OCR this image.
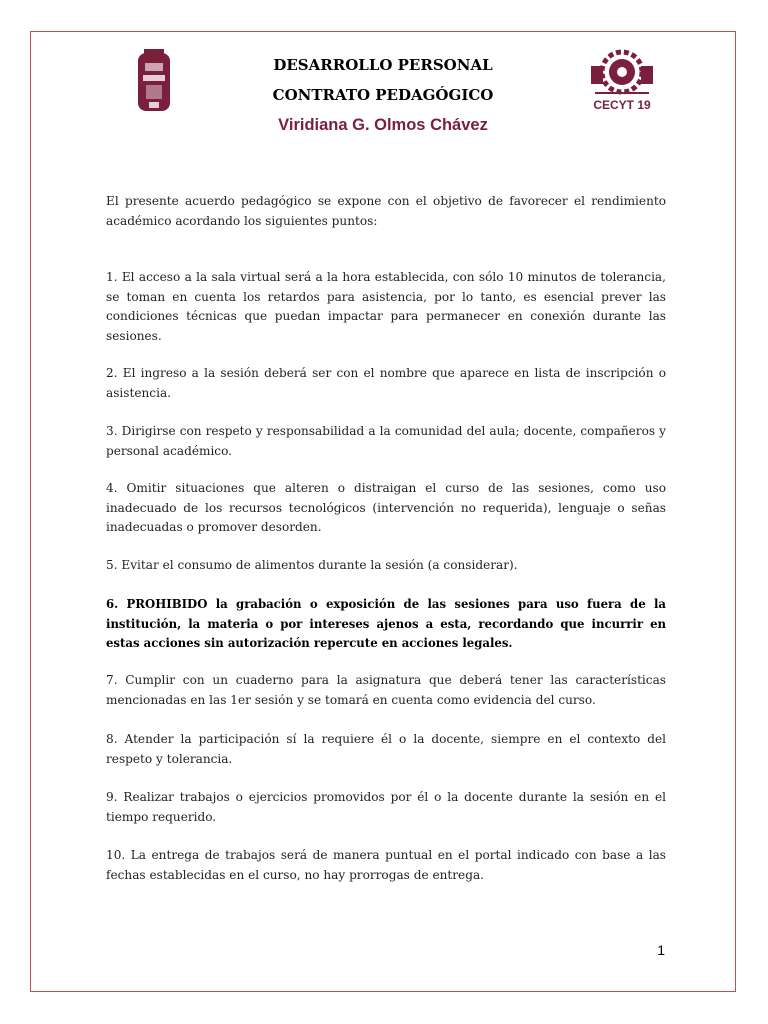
DESARROLLO PERSONAL
CONTRATO PEDAGÓGICO
Viridiana G. Olmos Chávez
CECYT 19

El presente acuerdo pedagógico se expone con el objetivo de favorecer el rendimiento académico acordando los siguientes puntos:

1. El acceso a la sala virtual será a la hora establecida, con sólo 10 minutos de tolerancia, se toman en cuenta los retardos para asistencia, por lo tanto, es esencial prever las condiciones técnicas que puedan impactar para permanecer en conexión durante las sesiones.

2. El ingreso a la sesión deberá ser con el nombre que aparece en lista de inscripción o asistencia.

3. Dirigirse con respeto y responsabilidad a la comunidad del aula; docente, compañeros y personal académico.

4. Omitir situaciones que alteren o distraigan el curso de las sesiones, como uso inadecuado de los recursos tecnológicos (intervención no requerida), lenguaje o señas inadecuadas o promover desorden.

5. Evitar el consumo de alimentos durante la sesión (a considerar).

6. PROHIBIDO la grabación o exposición de las sesiones para uso fuera de la institución, la materia o por intereses ajenos a esta, recordando que incurrir en estas acciones sin autorización repercute en acciones legales.

7. Cumplir con un cuaderno para la asignatura que deberá tener las características mencionadas en las 1er sesión y se tomará en cuenta como evidencia del curso.

8. Atender la participación sí la requiere él o la docente, siempre en el contexto del respeto y tolerancia.

9. Realizar trabajos o ejercicios promovidos por él o la docente durante la sesión en el tiempo requerido.

10. La entrega de trabajos será de manera puntual en el portal indicado con base a las fechas establecidas en el curso, no hay prorrogas de entrega.

1
